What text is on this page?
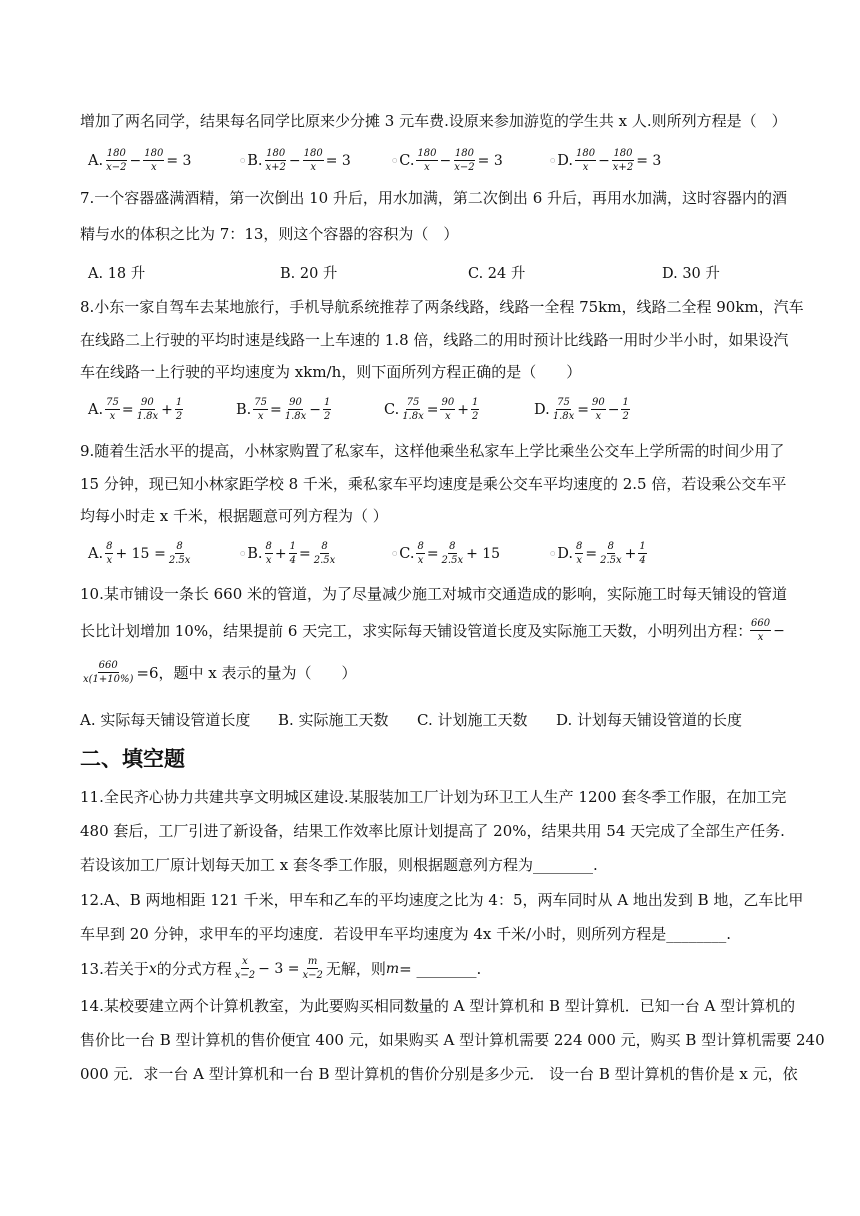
增加了两名同学，结果每名同学比原来少分摊 3 元车费.设原来参加游览的学生共 x 人.则所列方程是（　）
A. $\frac{180}{x-2} - \frac{180}{x} = 3$	○ B. $\frac{180}{x+2} - \frac{180}{x} = 3$	○ C. $\frac{180}{x} - \frac{180}{x-2} = 3$	○ D. $\frac{180}{x} - \frac{180}{x+2} = 3$
7.一个容器盛满酒精，第一次倒出 10 升后，用水加满，第二次倒出 6 升后，再用水加满，这时容器内的酒
精与水的体积之比为 7：13，则这个容器的容积为（　）
A. 18 升	B. 20 升	C. 24 升	D. 30 升
8.小东一家自驾车去某地旅行，手机导航系统推荐了两条线路，线路一全程 75km，线路二全程 90km，汽车
在线路二上行驶的平均时速是线路一上车速的 1.8 倍，线路二的用时预计比线路一用时少半小时，如果设汽
车在线路一上行驶的平均速度为 xkm/h，则下面所列方程正确的是（　　）
A. $\frac{75}{x} = \frac{90}{1.8x} + \frac{1}{2}$	B. $\frac{75}{x} = \frac{90}{1.8x} - \frac{1}{2}$	C. $\frac{75}{1.8x} = \frac{90}{x} + \frac{1}{2}$	D. $\frac{75}{1.8x} = \frac{90}{x} - \frac{1}{2}$
9.随着生活水平的提高，小林家购置了私家车，这样他乘坐私家车上学比乘坐公交车上学所需的时间少用了
15 分钟，现已知小林家距学校 8 千米，乘私家车平均速度是乘公交车平均速度的 2.5 倍，若设乘公交车平
均每小时走 x 千米，根据题意可列方程为（ ）
A. $\frac{8}{x} + 15$
= $\frac{8}{2.5x}$	○ B. $\frac{8}{x} + \frac{1}{4} = \frac{8}{2.5x}$	○ C. $\frac{8}{x} = \frac{8}{2.5x} + 15$	○ D. $\frac{8}{x} = \frac{8}{2.5x} + \frac{1}{4}$
10.某市铺设一条长 660 米的管道，为了尽量减少施工对城市交通造成的影响，实际施工时每天铺设的管道
长比计划增加 10%，结果提前 6 天完工，求实际每天铺设管道长度及实际施工天数，小明列出方程：
$\frac{660}{x}$ −
$\frac{660}{x(1+10\%)} =6$，题中 x 表示的量为（　　）
A. 实际每天铺设管道长度 B. 实际施工天数 C. 计划施工天数 D. 计划每天铺设管道的长度
二、填空题
11.全民齐心协力共建共享文明城区建设.某服装加工厂计划为环卫工人生产 1200 套冬季工作服，在加工完
480 套后，工厂引进了新设备，结果工作效率比原计划提高了 20%，结果共用 54 天完成了全部生产任务.
若设该加工厂原计划每天加工 x 套冬季工作服，则根据题意列方程为________.
12.A、B 两地相距 121 千米，甲车和乙车的平均速度之比为 4：5，两车同时从 A 地出发到 B 地，乙车比甲
车早到 20 分钟，求甲车的平均速度．若设甲车平均速度为 4x 千米/小时，则所列方程是________.
13.若关于 x 的分式方程 $\frac{x}{x-2} - 3 = \frac{m}{x-2}$ 无解，则 m = ________.
14.某校要建立两个计算机教室，为此要购买相同数量的 A 型计算机和 B 型计算机．已知一台 A 型计算机的
售价比一台 B 型计算机的售价便宜 400 元，如果购买 A 型计算机需要 224 000 元，购买 B 型计算机需要 240
000 元．求一台 A 型计算机和一台 B 型计算机的售价分别是多少元． 设一台 B 型计算机的售价是 x 元，依
